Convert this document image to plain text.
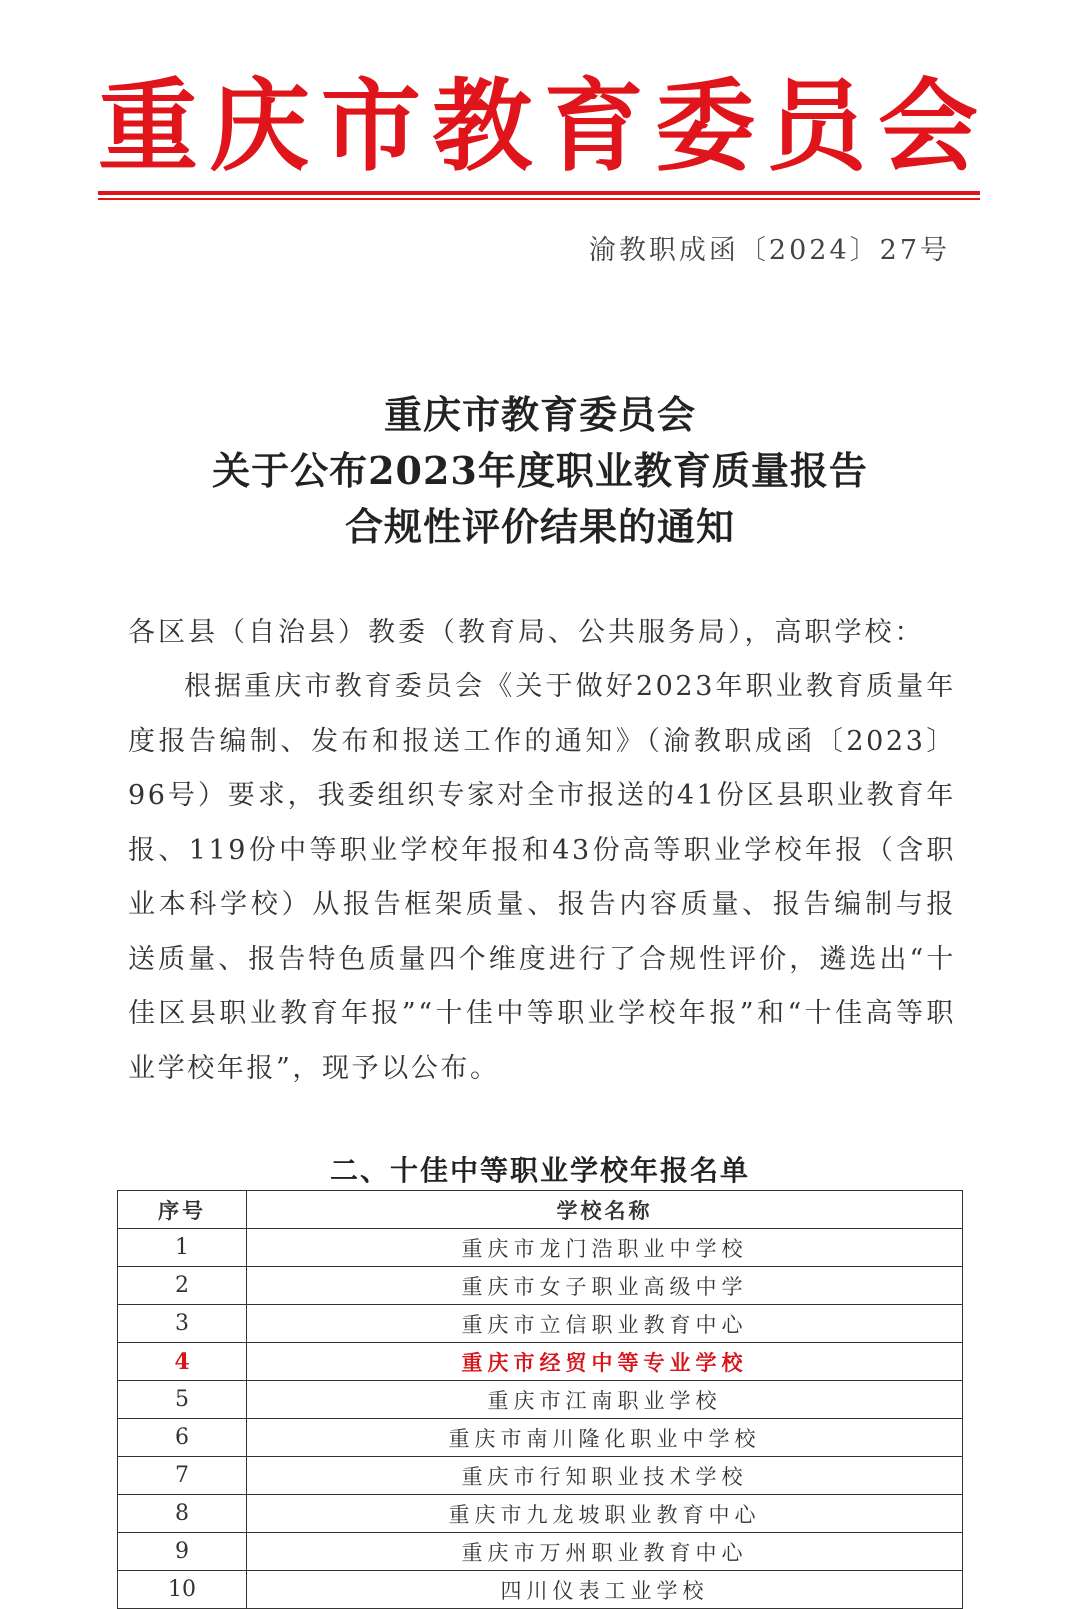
重 庆 市 教 育 委 员 会
渝教职成函〔2024〕27号
重庆市教育委员会
关于公布2023年度职业教育质量报告
合规性评价结果的通知
各区县（自治县）教委（教育局、公共服务局），高职学校：

根据重庆市教育委员会《关于做好2023年职业教育质量年度报告编制、发布和报送工作的通知》（渝教职成函〔2023〕96号）要求，我委组织专家对全市报送的41份区县职业教育年报、119份中等职业学校年报和43份高等职业学校年报（含职业本科学校）从报告框架质量、报告内容质量、报告编制与报送质量、报告特色质量四个维度进行了合规性评价，遴选出“十佳区县职业教育年报”“十佳中等职业学校年报”和“十佳高等职业学校年报”，现予以公布。

二、十佳中等职业学校年报名单
序号	学校名称
1	重庆市龙门浩职业中学校
2	重庆市女子职业高级中学
3	重庆市立信职业教育中心
4	重庆市经贸中等专业学校
5	重庆市江南职业学校
6	重庆市南川隆化职业中学校
7	重庆市行知职业技术学校
8	重庆市九龙坡职业教育中心
9	重庆市万州职业教育中心
10	四川仪表工业学校
